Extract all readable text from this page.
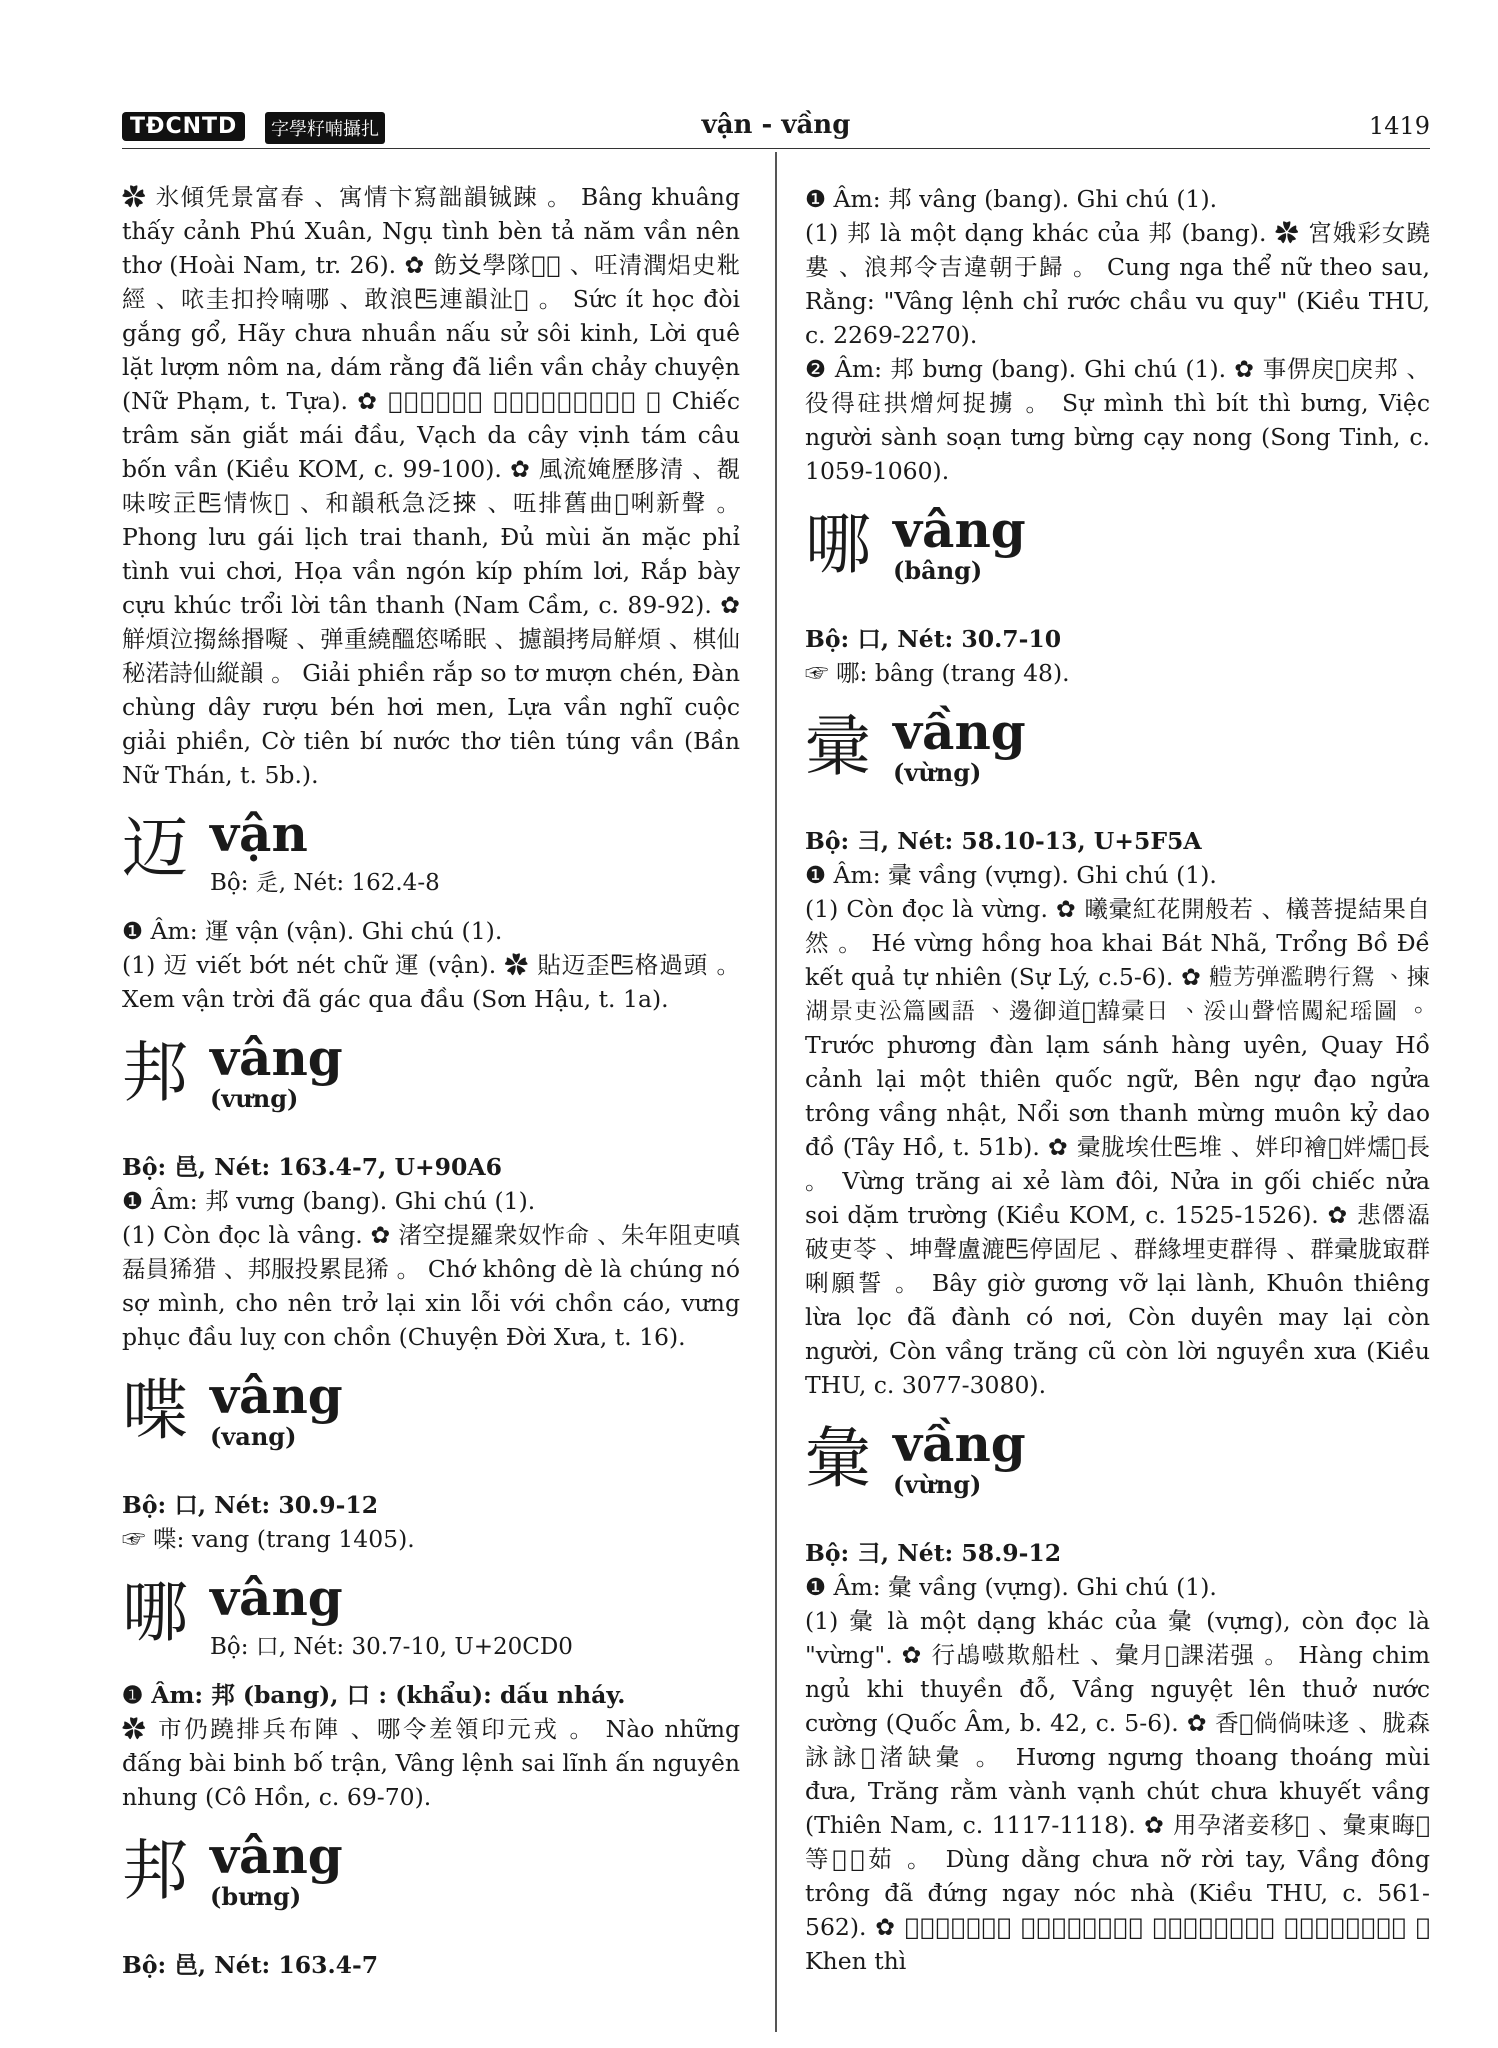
TĐCNTD	字學籽喃攝扎	vận - vầng	1419

✿ 氷傾凭景富春 、寓情卞寫韷韻铖踈 。 Bâng khuâng thấy cảnh Phú Xuân, Ngụ tình bèn tả năm vần nên thơ (Hoài Nam, tr. 26). ✿ 飭𠬠學隊𠢞𠢟 、㕵清潤焒史粃經 、𠲖圭扣拎喃哪 、敢浪𠀧連韻沚𠻃 。 Sức ít học đòi gắng gổ, Hãy chưa nhuần nấu sử sôi kinh, Lời quê lặt lượm nôm na, dám rằng đã liền vần chảy chuyện (Nữ Phạm, t. Tựa). ✿ 𤤰簪産擳厘頭 、拍㐌核詠㮨勾罘韻 。 Chiếc trâm săn giắt mái đầu, Vạch da cây vịnh tám câu bốn vần (Kiều KOM, c. 99-100). ✿ 風流㛪歷䏧清 、覩味咹㱏𠀧情恢𣈙 、和韻秖急泛𢯦 、㕶排舊曲𨀏唎新聲 。 Phong lưu gái lịch trai thanh, Đủ mùi ăn mặc phỉ tình vui chơi, Họa vần ngón kíp phím lơi, Rắp bày cựu khúc trổi lời tân thanh (Nam Cầm, c. 89-92). ✿ 觧煩泣搊絲㨉㘈 、弹重繞醞㥋唏眠 、攄韻拷局觧煩 、棋仙秘渃詩仙縦韻 。 Giải phiền rắp so tơ mượn chén, Đàn chùng dây rượu bén hơi men, Lựa vần nghĩ cuộc giải phiền, Cờ tiên bí nước thơ tiên túng vần (Bần Nữ Thán, t. 5b.).

迈 vận
Bộ: 辵, Nét: 162.4-8

❶ Âm: 運 vận (vận). Ghi chú (1).

(1) 迈 viết bớt nét chữ 運 (vận). ✿ 貼迈歪𠀧格過頭 。 Xem vận trời đã gác qua đầu (Sơn Hậu, t. 1a).

邦 vâng
(vưng)

Bộ: 邑, Nét: 163.4-7, U+90A6

❶ Âm: 邦 vưng (bang). Ghi chú (1).

(1) Còn đọc là vâng. ✿ 渚空提羅衆奴怍命 、朱年阻吏嗔磊員狶猎 、邦服投累昆狶 。 Chớ không dè là chúng nó sợ mình, cho nên trở lại xin lỗi với chồn cáo, vưng phục đầu luỵ con chồn (Chuyện Đời Xưa, t. 16).

喋 vâng
(vang)

Bộ: 口, Nét: 30.9-12

☞ 喋: vang (trang 1405).

哪 vâng
Bộ: 口, Nét: 30.7-10, U+20CD0

❶ Âm: 邦 (bang), 口 : (khẩu): dấu nháy.

✿ 市仍蹺排兵布陣 、哪令差領印元戎 。 Nào những đấng bài binh bố trận, Vâng lệnh sai lĩnh ấn nguyên nhung (Cô Hồn, c. 69-70).

邦 vâng
(bưng)

Bộ: 邑, Nét: 163.4-7

❶ Âm: 邦 vâng (bang). Ghi chú (1).

(1) 邦 là một dạng khác của 邦 (bang). ✿ 宮娥彩女蹺婁 、浪邦令吉違朝于歸 。 Cung nga thể nữ theo sau, Rằng: "Vâng lệnh chỉ rước chầu vu quy" (Kiều THU, c. 2269-2270).

❷ Âm: 邦 bưng (bang). Ghi chú (1). ✿ 事㑭戻𥴙戻邦 、役得砫拱熷炣捉擄 。 Sự mình thì bít thì bưng, Việc người sành soạn tưng bừng cạy nong (Song Tinh, c. 1059-1060).

哪 vâng
(bâng)

Bộ: 口, Nét: 30.7-10

☞ 哪: bâng (trang 48).

彚 vầng
(vừng)

Bộ: 彐, Nét: 58.10-13, U+5F5A

❶ Âm: 彚 vầng (vựng). Ghi chú (1).

(1) Còn đọc là vừng. ✿ 曦彚紅花開般若 、檥菩提結果自然 。 Hé vừng hồng hoa khai Bát Nhã, Trổng Bồ Đề kết quả tự nhiên (Sự Lý, c.5-6). ✿ 𦪍芳弹濫聘行鴛 、揀湖景吏㳂篇國語 、邊御道𤉗𩏓彚日 、浽山聲㥉闖紀瑶圖 。 Trước phương đàn lạm sánh hàng uyên, Quay Hồ cảnh lại một thiên quốc ngữ, Bên ngự đạo ngửa trông vầng nhật, Nổi sơn thanh mừng muôn kỷ dao đồ (Tây Hồ, t. 51b). ✿ 彚胧埃仕𠀧堆 、姅印襘𩃳姅燸𩧍長 。 Vừng trăng ai xẻ làm đôi, Nửa in gối chiếc nửa soi dặm trường (Kiều KOM, c. 1525-1526). ✿ 悲𠎣𤂬破吏苓 、坤聲盧漉𠀧停固尼 、群緣埋吏群得 、群彚胧㝡群唎願誓 。 Bây giờ gương vỡ lại lành, Khuôn thiêng lừa lọc đã đành có nơi, Còn duyên may lại còn người, Còn vầng trăng cũ còn lời nguyền xưa (Kiều THU, c. 3077-3080).

彙 vầng
(vừng)

Bộ: 彐, Nét: 58.9-12

❶ Âm: 彙 vầng (vựng). Ghi chú (1).

(1) 彙 là một dạng khác của 彙 (vựng), còn đọc là "vừng". ✿ 行𪀄𠿤欺船杜 、彙月𨀍課渃强 。 Hàng chim ngủ khi thuyền đỗ, Vầng nguyệt lên thuở nước cường (Quốc Âm, b. 42, c. 5-6). ✿ 香𣹕倘倘味迻 、胧森詠詠𦁀渚缺彙 。 Hương ngưng thoang thoáng mùi đưa, Trăng rằm vành vạnh chút chưa khuyết vầng (Thiên Nam, c. 1117-1118). ✿ 用孕渚妾移𣙈 、彙東晦𠀧等𧷸𧄭茹 。 Dùng dằng chưa nỡ rời tay, Vầng đông trông đã đứng ngay nóc nhà (Kiều THU, c. 561-562). ✿ 𣅶時铖乍吱铖曳 、秩𢀨庄歐特庄𢚸 、固埃别特悉知己 、㟁㟁嫩高月㝵彙 。 Khen thì
